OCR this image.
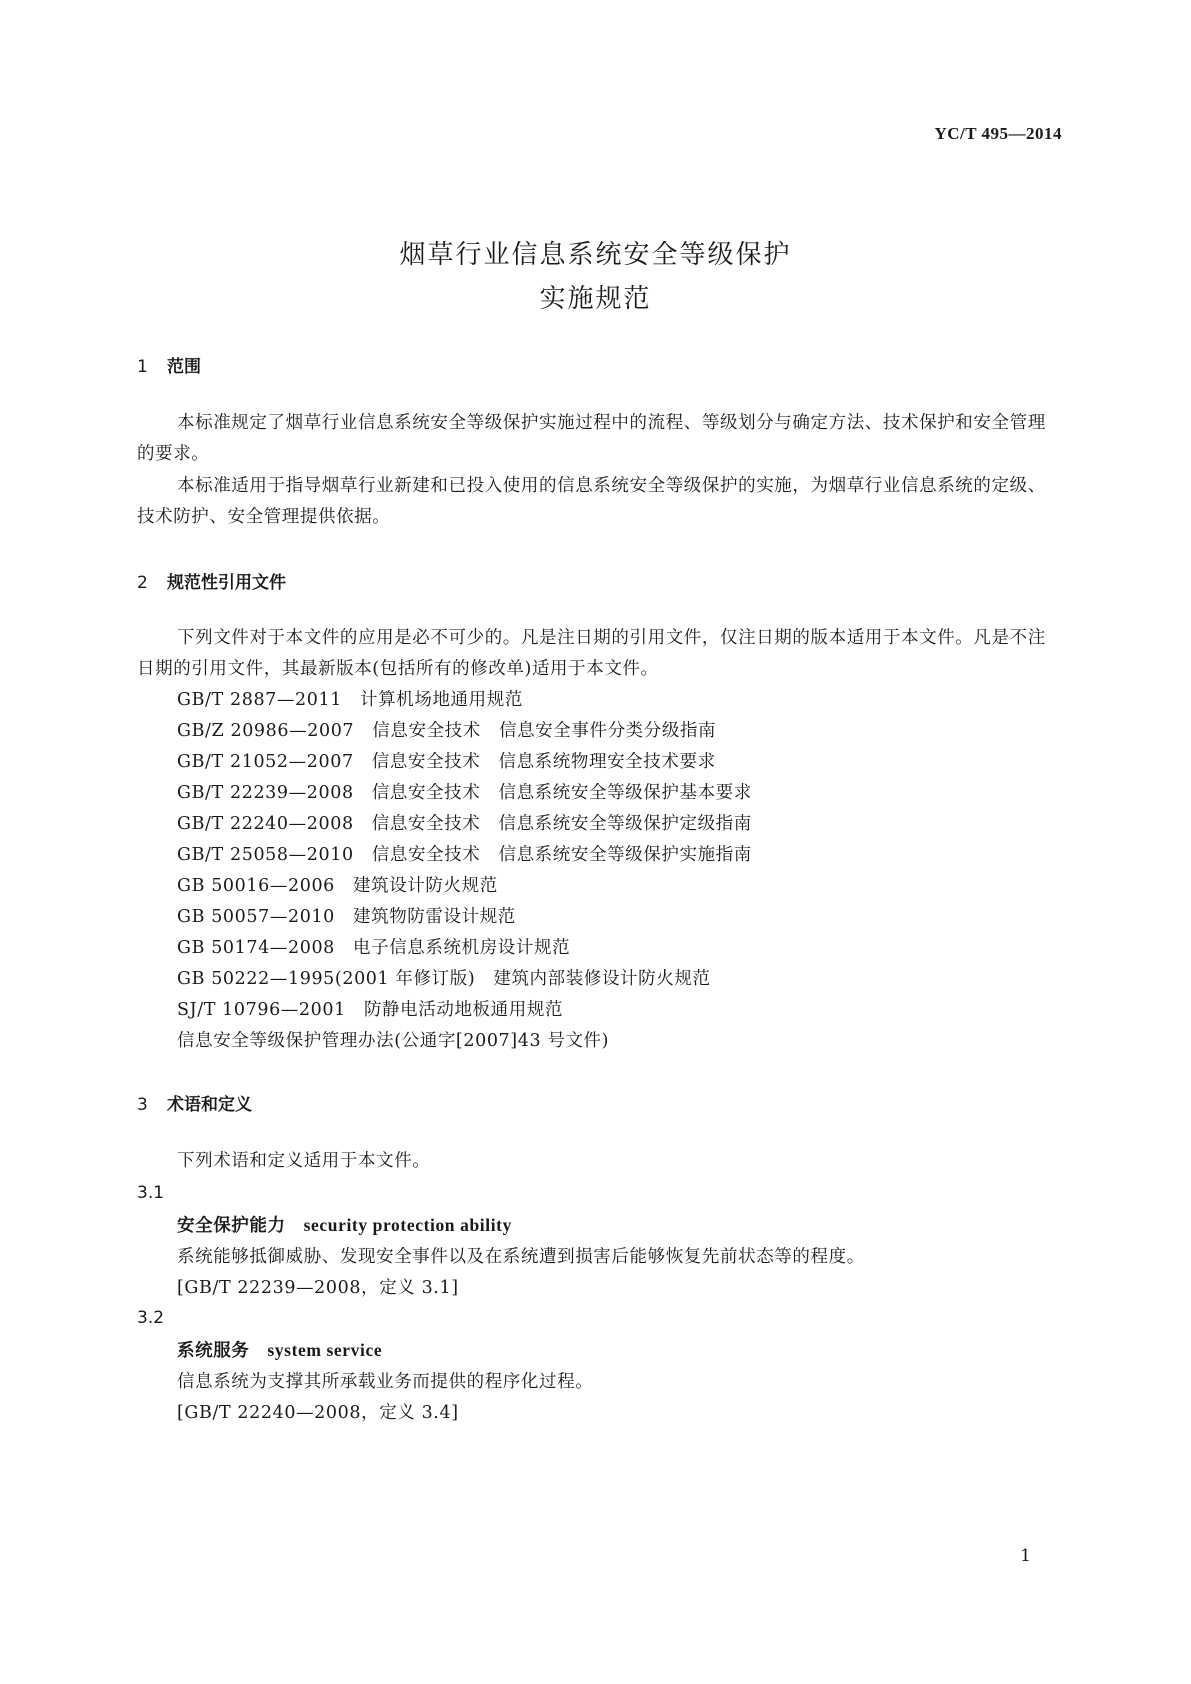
YC/T 495—2014
烟草行业信息系统安全等级保护
实施规范
1 范围
本标准规定了烟草行业信息系统安全等级保护实施过程中的流程、等级划分与确定方法、技术保护和安全管理的要求。
本标准适用于指导烟草行业新建和已投入使用的信息系统安全等级保护的实施，为烟草行业信息系统的定级、技术防护、安全管理提供依据。
2 规范性引用文件
下列文件对于本文件的应用是必不可少的。凡是注日期的引用文件，仅注日期的版本适用于本文件。凡是不注日期的引用文件，其最新版本(包括所有的修改单)适用于本文件。
GB/T 2887—2011　计算机场地通用规范
GB/Z 20986—2007　信息安全技术　信息安全事件分类分级指南
GB/T 21052—2007　信息安全技术　信息系统物理安全技术要求
GB/T 22239—2008　信息安全技术　信息系统安全等级保护基本要求
GB/T 22240—2008　信息安全技术　信息系统安全等级保护定级指南
GB/T 25058—2010　信息安全技术　信息系统安全等级保护实施指南
GB 50016—2006　建筑设计防火规范
GB 50057—2010　建筑物防雷设计规范
GB 50174—2008　电子信息系统机房设计规范
GB 50222—1995(2001 年修订版)　建筑内部装修设计防火规范
SJ/T 10796—2001　防静电活动地板通用规范
信息安全等级保护管理办法(公通字[2007]43 号文件)
3 术语和定义
下列术语和定义适用于本文件。
3.1
安全保护能力 security protection ability
系统能够抵御威胁、发现安全事件以及在系统遭到损害后能够恢复先前状态等的程度。
[GB/T 22239—2008，定义 3.1]
3.2
系统服务 system service
信息系统为支撑其所承载业务而提供的程序化过程。
[GB/T 22240—2008，定义 3.4]
1
